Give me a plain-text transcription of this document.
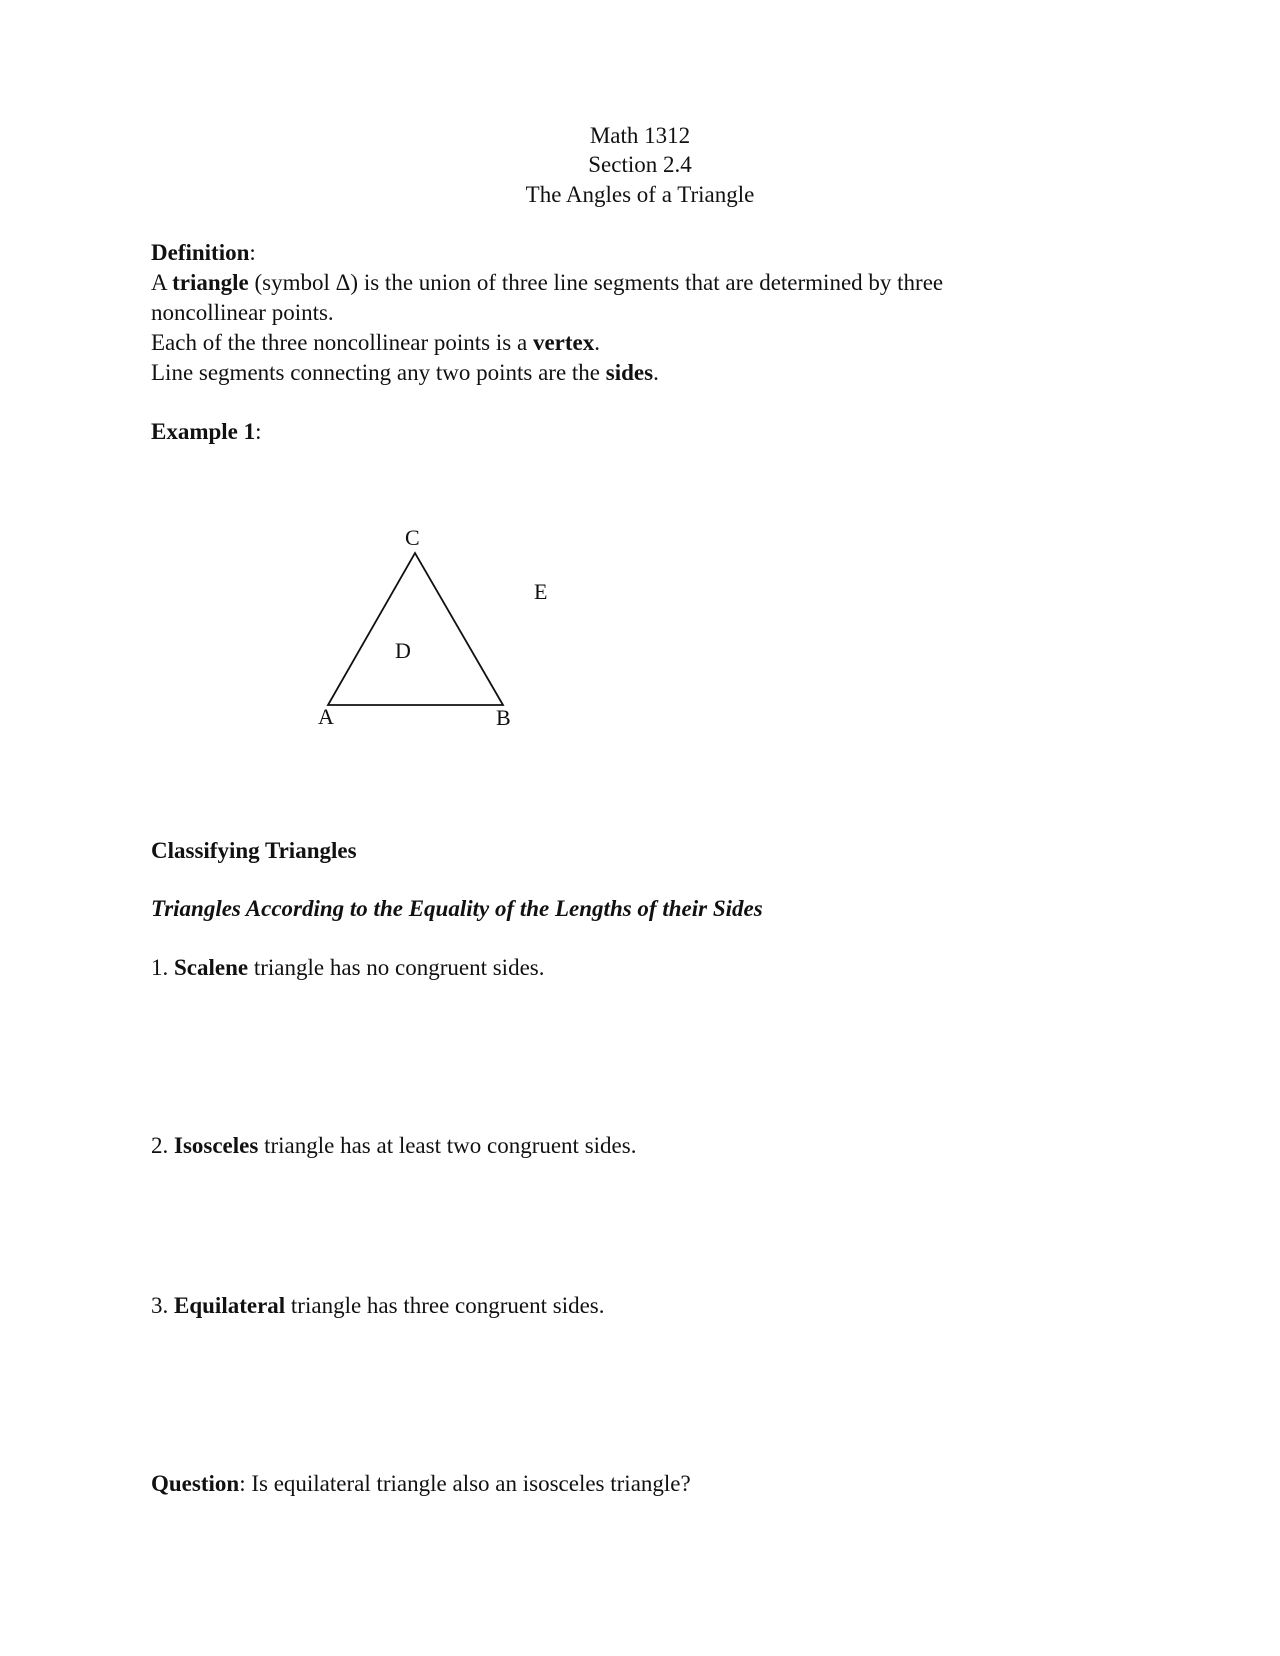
Math 1312
Section 2.4
The Angles of a Triangle
Definition:
A triangle (symbol Δ) is the union of three line segments that are determined by three
noncollinear points.
Each of the three noncollinear points is a vertex.
Line segments connecting any two points are the sides.
Example 1:
A	B
C
D
E
Classifying Triangles
Triangles According to the Equality of the Lengths of their Sides
1. Scalene triangle has no congruent sides.
2. Isosceles triangle has at least two congruent sides.
3. Equilateral triangle has three congruent sides.
Question: Is equilateral triangle also an isosceles triangle?
